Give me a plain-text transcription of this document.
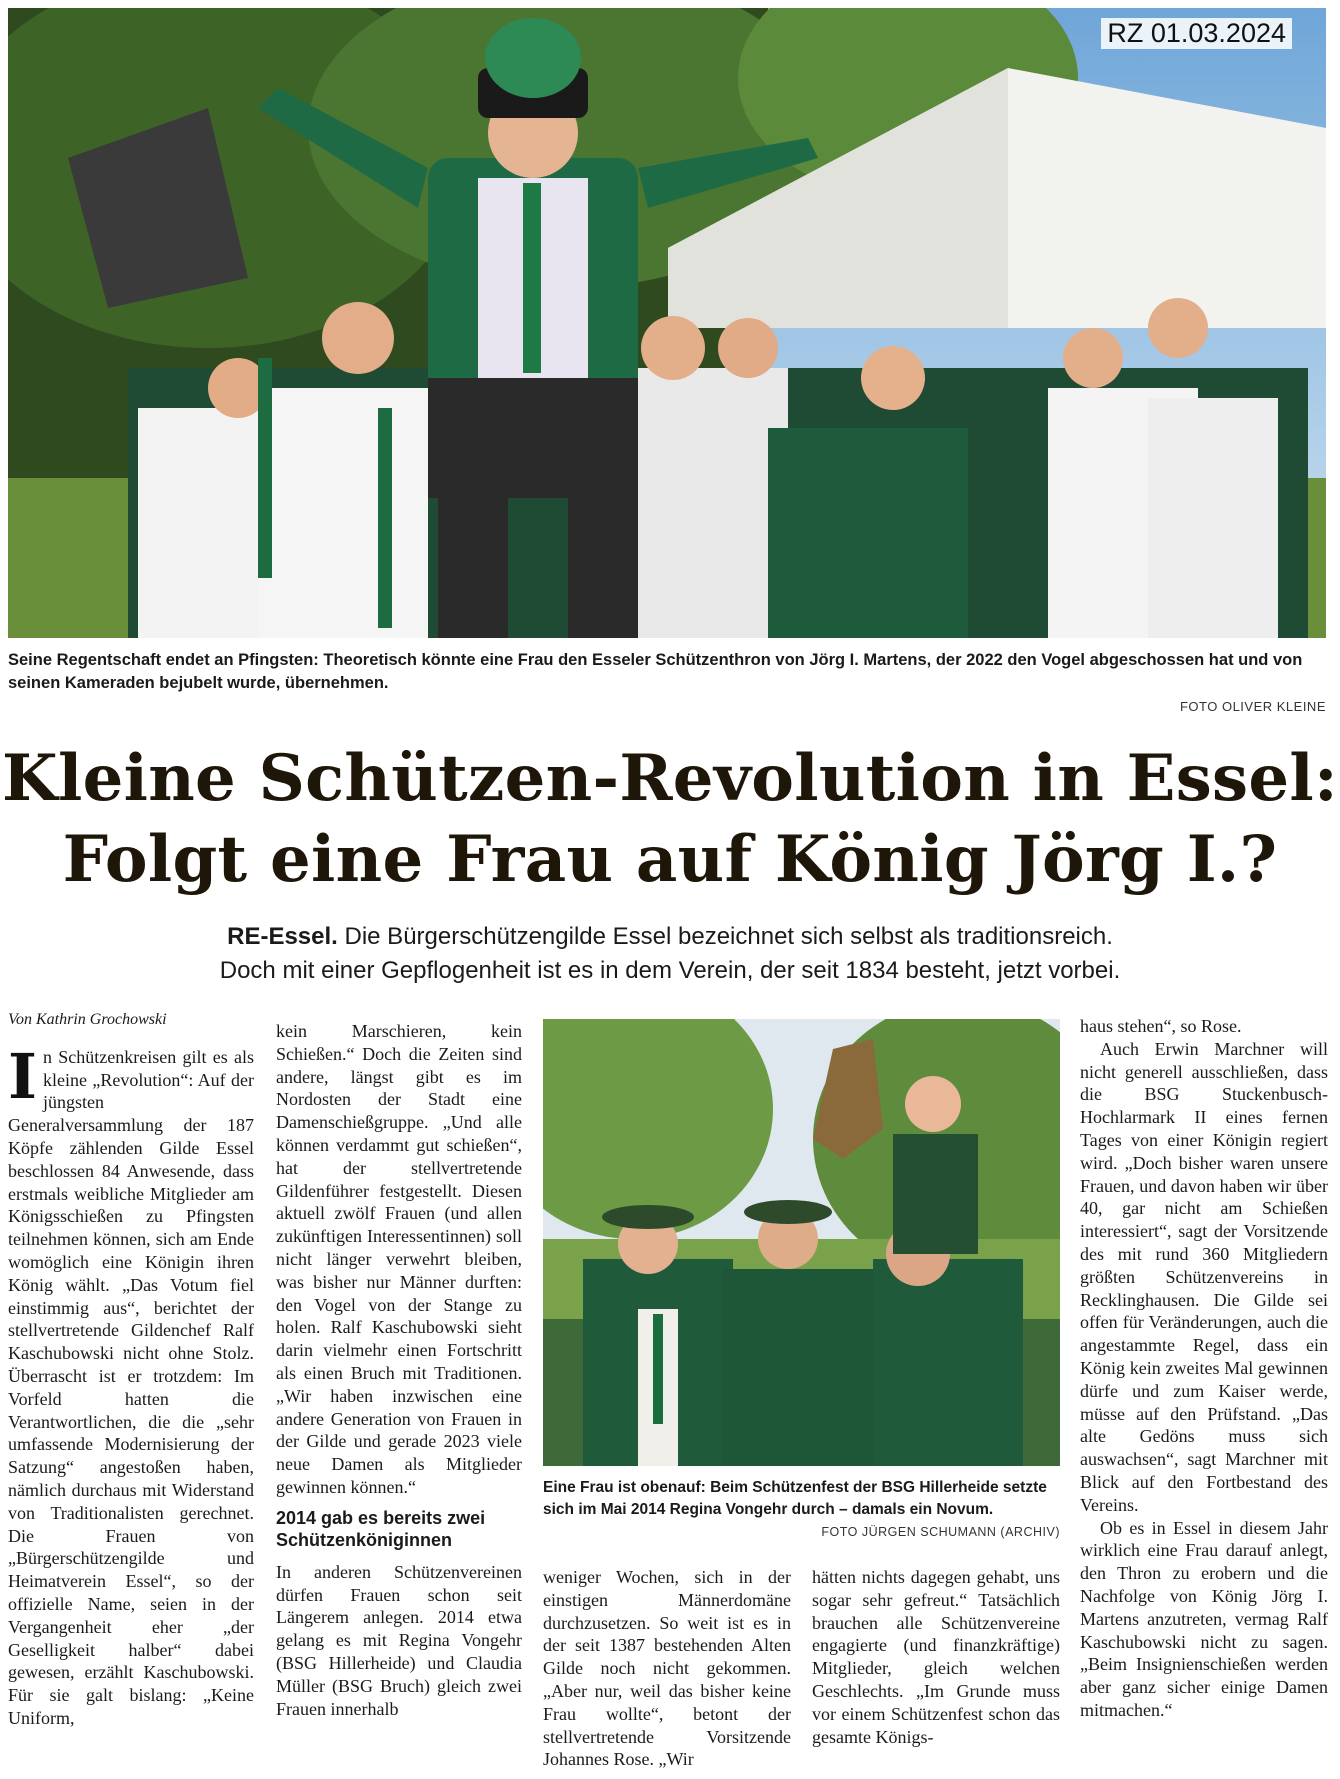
RZ 01.03.2024
Seine Regentschaft endet an Pfingsten: Theoretisch könnte eine Frau den Esseler Schützenthron von Jörg I. Martens, der 2022 den Vogel abgeschossen hat und von seinen Kameraden bejubelt wurde, übernehmen.

FOTO OLIVER KLEINE
Kleine Schützen-Revolution in Essel:
Folgt eine Frau auf König Jörg I.?
RE-Essel. Die Bürgerschützengilde Essel bezeichnet sich selbst als traditionsreich.
Doch mit einer Gepflogenheit ist es in dem Verein, der seit 1834 besteht, jetzt vorbei.
Von Kathrin Grochowski

In Schützenkreisen gilt es als kleine „Revolution“: Auf der jüngsten Generalversammlung der 187 Köpfe zählenden Gilde Essel beschlossen 84 Anwesende, dass erstmals weibliche Mitglieder am Königsschießen zu Pfingsten teilnehmen können, sich am Ende womöglich eine Königin ihren König wählt. „Das Votum fiel einstimmig aus“, berichtet der stellvertretende Gildenchef Ralf Kaschubowski nicht ohne Stolz. Überrascht ist er trotzdem: Im Vorfeld hatten die Verantwortlichen, die die „sehr umfassende Modernisierung der Satzung“ angestoßen haben, nämlich durchaus mit Widerstand von Traditionalisten gerechnet. Die Frauen von „Bürgerschützengilde und Heimatverein Essel“, so der offizielle Name, seien in der Vergangenheit eher „der Geselligkeit halber“ dabei gewesen, erzählt Kaschubowski. Für sie galt bislang: „Keine Uniform,

kein Marschieren, kein Schießen.“ Doch die Zeiten sind andere, längst gibt es im Nordosten der Stadt eine Damenschießgruppe. „Und alle können verdammt gut schießen“, hat der stellvertretende Gildenführer festgestellt. Diesen aktuell zwölf Frauen (und allen zukünftigen Interessentinnen) soll nicht länger verwehrt bleiben, was bisher nur Männer durften: den Vogel von der Stange zu holen. Ralf Kaschubowski sieht darin vielmehr einen Fortschritt als einen Bruch mit Traditionen. „Wir haben inzwischen eine andere Generation von Frauen in der Gilde und gerade 2023 viele neue Damen als Mitglieder gewinnen können.“

2014 gab es bereits zwei Schützenköniginnen

In anderen Schützenvereinen dürfen Frauen schon seit Längerem anlegen. 2014 etwa gelang es mit Regina Vongehr (BSG Hillerheide) und Claudia Müller (BSG Bruch) gleich zwei Frauen innerhalb

Eine Frau ist obenauf: Beim Schützenfest der BSG Hillerheide setzte sich im Mai 2014 Regina Vongehr durch – damals ein Novum.
FOTO JÜRGEN SCHUMANN (ARCHIV)

weniger Wochen, sich in der einstigen Männerdomäne durchzusetzen. So weit ist es in der seit 1387 bestehenden Alten Gilde noch nicht gekommen. „Aber nur, weil das bisher keine Frau wollte“, betont der stellvertretende Vorsitzende Johannes Rose. „Wir

hätten nichts dagegen gehabt, uns sogar sehr gefreut.“ Tatsächlich brauchen alle Schützenvereine engagierte (und finanzkräftige) Mitglieder, gleich welchen Geschlechts. „Im Grunde muss vor einem Schützenfest schon das gesamte Königs-

haus stehen“, so Rose.

Auch Erwin Marchner will nicht generell ausschließen, dass die BSG Stuckenbusch-Hochlarmark II eines fernen Tages von einer Königin regiert wird. „Doch bisher waren unsere Frauen, und davon haben wir über 40, gar nicht am Schießen interessiert“, sagt der Vorsitzende des mit rund 360 Mitgliedern größten Schützenvereins in Recklinghausen. Die Gilde sei offen für Veränderungen, auch die angestammte Regel, dass ein König kein zweites Mal gewinnen dürfe und zum Kaiser werde, müsse auf den Prüfstand. „Das alte Gedöns muss sich auswachsen“, sagt Marchner mit Blick auf den Fortbestand des Vereins.

Ob es in Essel in diesem Jahr wirklich eine Frau darauf anlegt, den Thron zu erobern und die Nachfolge von König Jörg I. Martens anzutreten, vermag Ralf Kaschubowski nicht zu sagen. „Beim Insignienschießen werden aber ganz sicher einige Damen mitmachen.“
